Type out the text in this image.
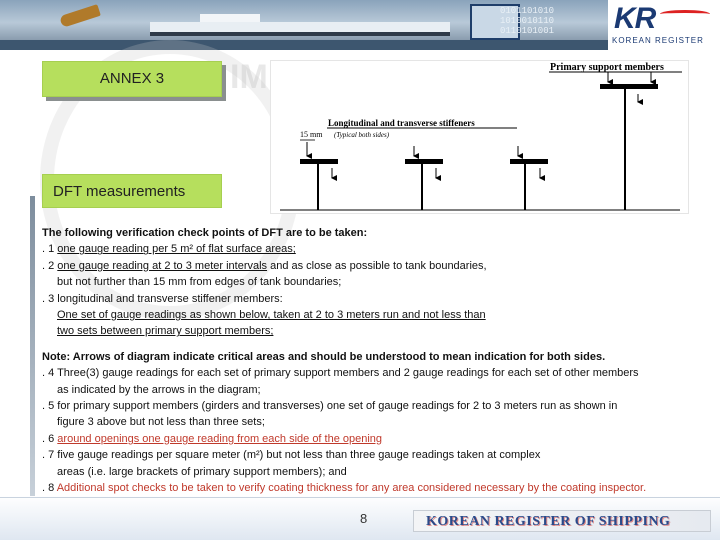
0101101010
1010010110
0110101001 KR
KOREAN REGISTER
IM
ANNEX 3
DFT measurements
Primary support members
Longitudinal and transverse stiffeners
15 mm (Typical both sides)

The following verification check points of DFT are to be taken:

. 1 one gauge reading per 5 m² of flat surface areas;

. 2 one gauge reading at 2 to 3 meter intervals and as close as possible to tank boundaries,

but not further than 15 mm from edges of tank boundaries;

. 3 longitudinal and transverse stiffener members:

One set of gauge readings as shown below, taken at 2 to 3 meters run and not less than

two sets between primary support members;

Note: Arrows of diagram indicate critical areas and should be understood to mean indication for both sides.

. 4 Three(3) gauge readings for each set of primary support members and 2 gauge readings for each set of other members

as indicated by the arrows in the diagram;

. 5 for primary support members (girders and transverses) one set of gauge readings for 2 to 3 meters run as shown in

figure 3 above but not less than three sets;

. 6 around openings one gauge reading from each side of the opening

. 7 five gauge readings per square meter (m²) but not less than three gauge readings taken at complex

areas (i.e. large brackets of primary support members); and

. 8 Additional spot checks to be taken to verify coating thickness for any area considered necessary by the coating inspector.

8	KOREAN REGISTER OF SHIPPING
